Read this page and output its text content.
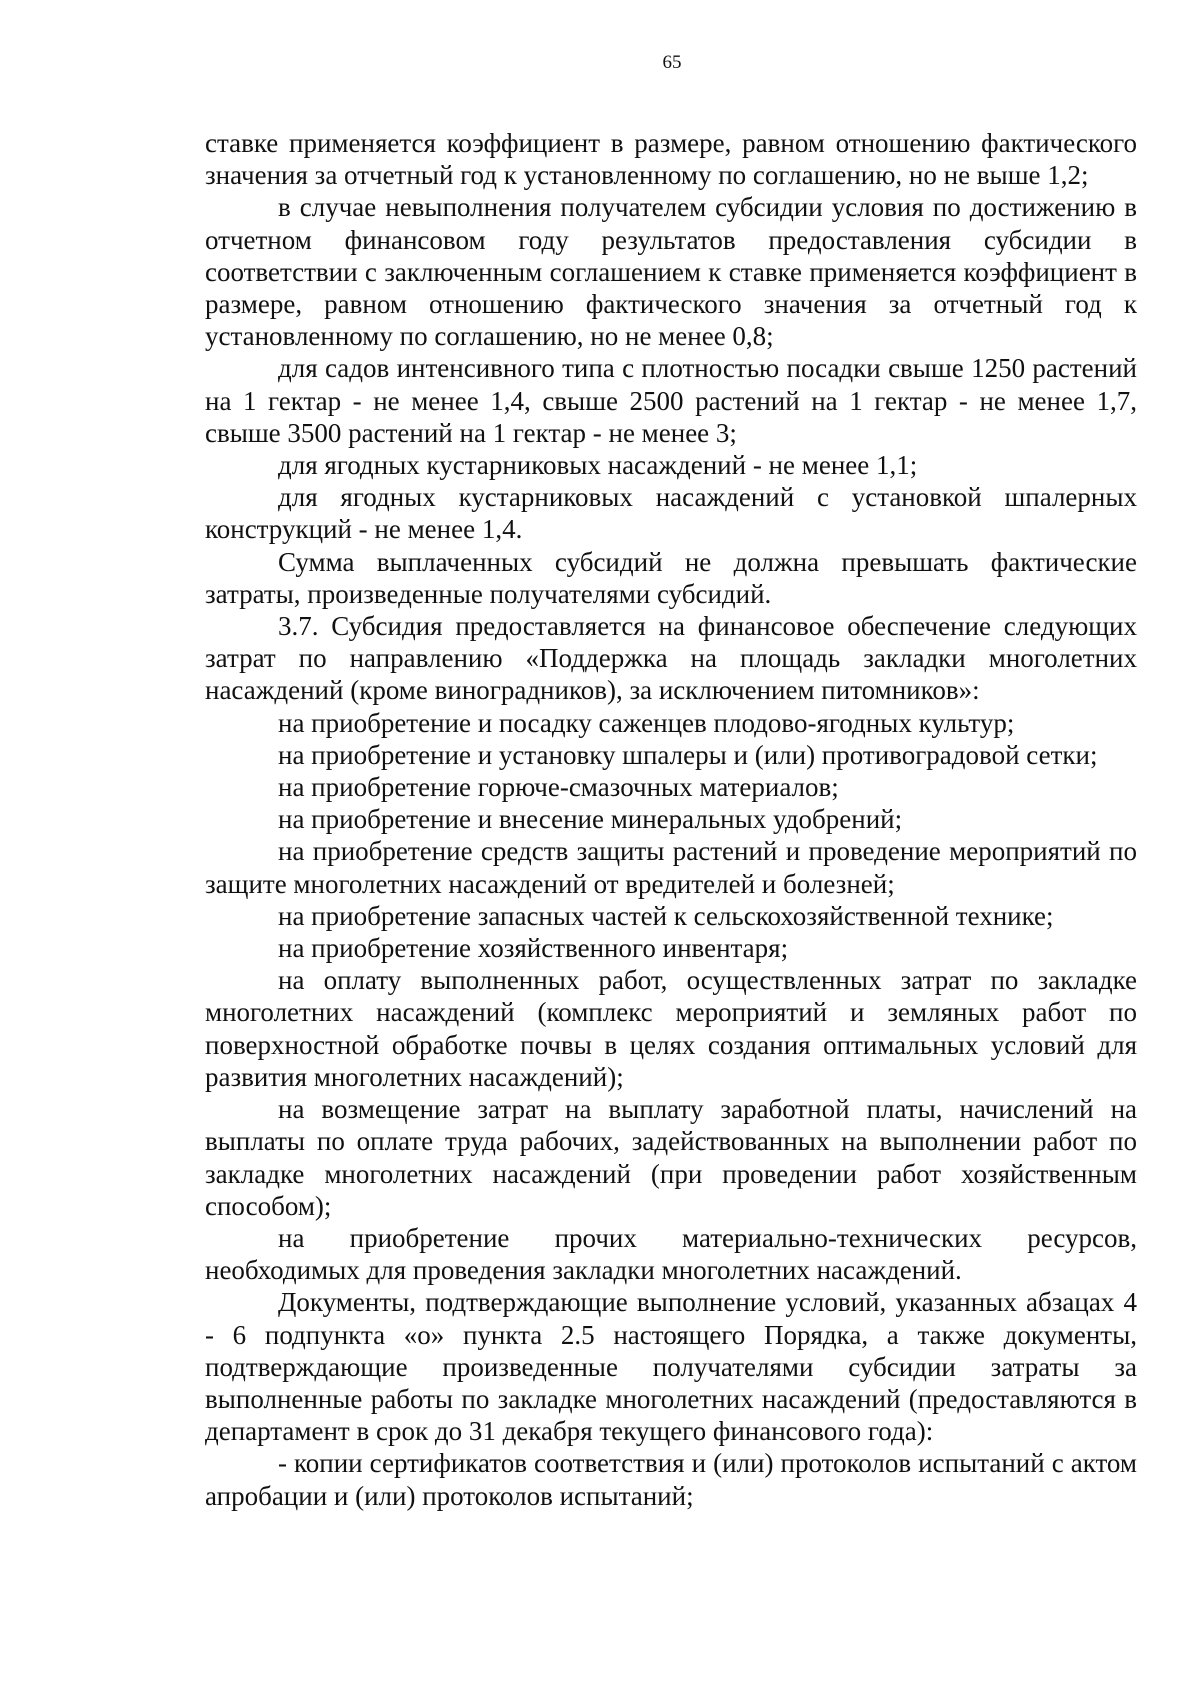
65

ставке применяется коэффициент в размере, равном отношению фактического значения за отчетный год к установленному по соглашению, но не выше 1,2;

в случае невыполнения получателем субсидии условия по достижению в отчетном финансовом году результатов предоставления субсидии в соответствии с заключенным соглашением к ставке применяется коэффициент в размере, равном отношению фактического значения за отчетный год к установленному по соглашению, но не менее 0,8;

для садов интенсивного типа с плотностью посадки свыше 1250 растений на 1 гектар - не менее 1,4, свыше 2500 растений на 1 гектар - не менее 1,7, свыше 3500 растений на 1 гектар - не менее 3;

для ягодных кустарниковых насаждений - не менее 1,1;

для ягодных кустарниковых насаждений с установкой шпалерных конструкций - не менее 1,4.

Сумма выплаченных субсидий не должна превышать фактические затраты, произведенные получателями субсидий.

3.7. Субсидия предоставляется на финансовое обеспечение следующих затрат по направлению «Поддержка на площадь закладки многолетних насаждений (кроме виноградников), за исключением питомников»:

на приобретение и посадку саженцев плодово-ягодных культур;

на приобретение и установку шпалеры и (или) противоградовой сетки;

на приобретение горюче-смазочных материалов;

на приобретение и внесение минеральных удобрений;

на приобретение средств защиты растений и проведение мероприятий по защите многолетних насаждений от вредителей и болезней;

на приобретение запасных частей к сельскохозяйственной технике;

на приобретение хозяйственного инвентаря;

на оплату выполненных работ, осуществленных затрат по закладке многолетних насаждений (комплекс мероприятий и земляных работ по поверхностной обработке почвы в целях создания оптимальных условий для развития многолетних насаждений);

на возмещение затрат на выплату заработной платы, начислений на выплаты по оплате труда рабочих, задействованных на выполнении работ по закладке многолетних насаждений (при проведении работ хозяйственным способом);

на приобретение прочих материально-технических ресурсов, необходимых для проведения закладки многолетних насаждений.

Документы, подтверждающие выполнение условий, указанных абзацах 4 - 6 подпункта «о» пункта 2.5 настоящего Порядка, а также документы, подтверждающие произведенные получателями субсидии затраты за выполненные работы по закладке многолетних насаждений (предоставляются в департамент в срок до 31 декабря текущего финансового года):

- копии сертификатов соответствия и (или) протоколов испытаний с актом апробации и (или) протоколов испытаний;
